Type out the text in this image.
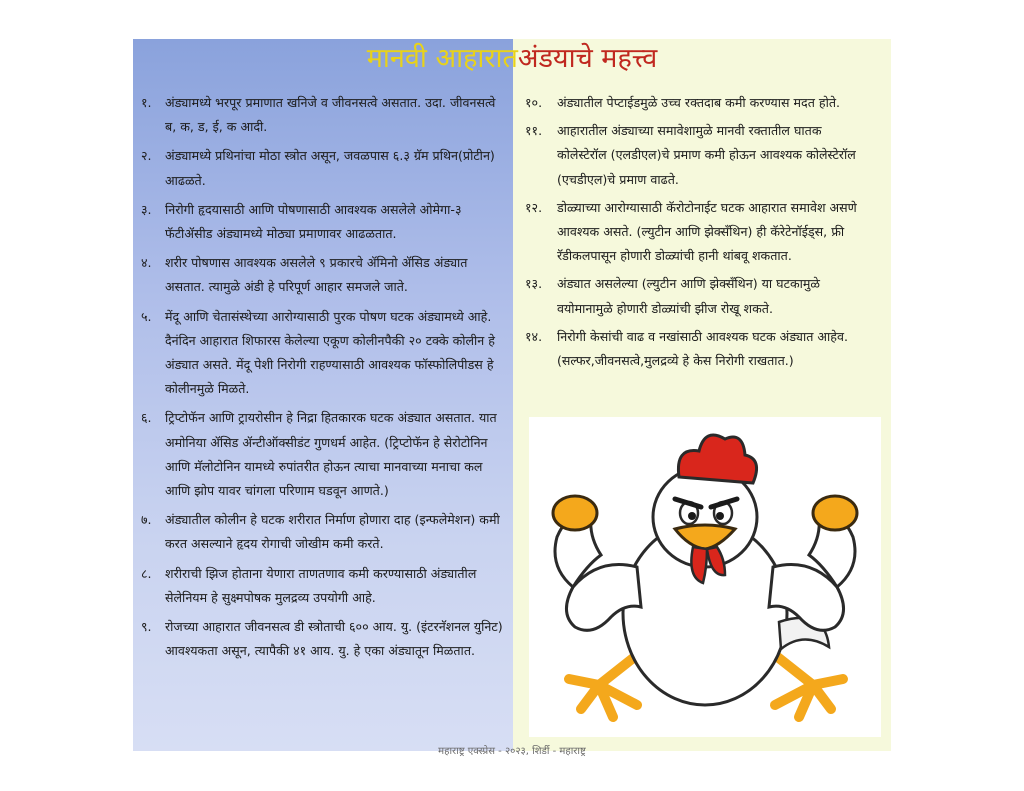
मानवी आहारातअंडयाचे महत्त्व
१. अंड्यामध्ये भरपूर प्रमाणात खनिजे व जीवनसत्वे असतात. उदा. जीवनसत्वे ब, क, ड, ई, क आदी.
२. अंड्यामध्ये प्रथिनांचा मोठा स्त्रोत असून, जवळपास ६.३ ग्रॅम प्रथिन(प्रोटीन) आढळते.
३. निरोगी हृदयासाठी आणि पोषणासाठी आवश्यक असलेले ओमेगा-३ फॅटीॲसीड अंड्यामध्ये मोठ्या प्रमाणावर आढळतात.
४. शरीर पोषणास आवश्यक असलेले ९ प्रकारचे ॲमिनो ॲसिड अंड्यात असतात. त्यामुळे अंडी हे परिपूर्ण आहार समजले जाते.
५. मेंदू आणि चेतासंस्थेच्या आरोग्यासाठी पुरक पोषण घटक अंड्यामध्ये आहे. दैनंदिन आहारात शिफारस केलेल्या एकूण कोलीनपैकी २० टक्के कोलीन हे अंड्यात असते. मेंदू पेशी निरोगी राहण्यासाठी आवश्यक फॉस्फोलिपीडस हे कोलीनमुळे मिळते.
६. ट्रिप्टोफॅन आणि ट्रायरोसीन हे निद्रा हितकारक घटक अंड्यात असतात. यात अमोनिया ॲसिड ॲन्टीऑक्सीडंट गुणधर्म आहेत. (ट्रिप्टोफॅन हे सेरोटोनिन आणि मॅलोटोनिन यामध्ये रुपांतरीत होऊन त्याचा मानवाच्या मनाचा कल आणि झोप यावर चांगला परिणाम घडवून आणते.)
७. अंड्यातील कोलीन हे घटक शरीरात निर्माण होणारा दाह (इन्फलेमेशन) कमी करत असल्याने हृदय रोगाची जोखीम कमी करते.
८. शरीराची झिज होताना येणारा ताणतणाव कमी करण्यासाठी अंड्यातील सेलेनियम हे सुक्ष्मपोषक मुलद्रव्य उपयोगी आहे.
९. रोजच्या आहारात जीवनसत्व डी स्त्रोताची ६०० आय. यु. (इंटरनॅशनल युनिट) आवश्यकता असून, त्यापैकी ४१ आय. यु. हे एका अंड्यातून मिळतात.
१०. अंड्यातील पेप्टाईडमुळे उच्च रक्तदाब कमी करण्यास मदत होते.
११. आहारातील अंड्याच्या समावेशामुळे मानवी रक्तातील घातक कोलेस्टेरॉल (एलडीएल)चे प्रमाण कमी होऊन आवश्यक कोलेस्टेरॉल (एचडीएल)चे प्रमाण वाढते.
१२. डोळ्याच्या आरोग्यासाठी कॅरोटोनाईट घटक आहारात समावेश असणे आवश्यक असते. (ल्युटीन आणि झेक्सॅंथिन) ही कॅरेटेनॉईड्स, फ्री रॅडीकलपासून होणारी डोळ्यांची हानी थांबवू शकतात.
१३. अंड्यात असलेल्या (ल्युटीन आणि झेक्सॅंथिन) या घटकामुळे वयोमानामुळे होणारी डोळ्यांची झीज रोखू शकते.
१४. निरोगी केसांची वाढ व नखांसाठी आवश्यक घटक अंड्यात आहेव. (सल्फर,जीवनसत्वे,मुलद्रव्ये हे केस निरोगी राखतात.)
महाराष्ट्र एक्स्प्रेस - २०२३, शिर्डी - महाराष्ट्र
